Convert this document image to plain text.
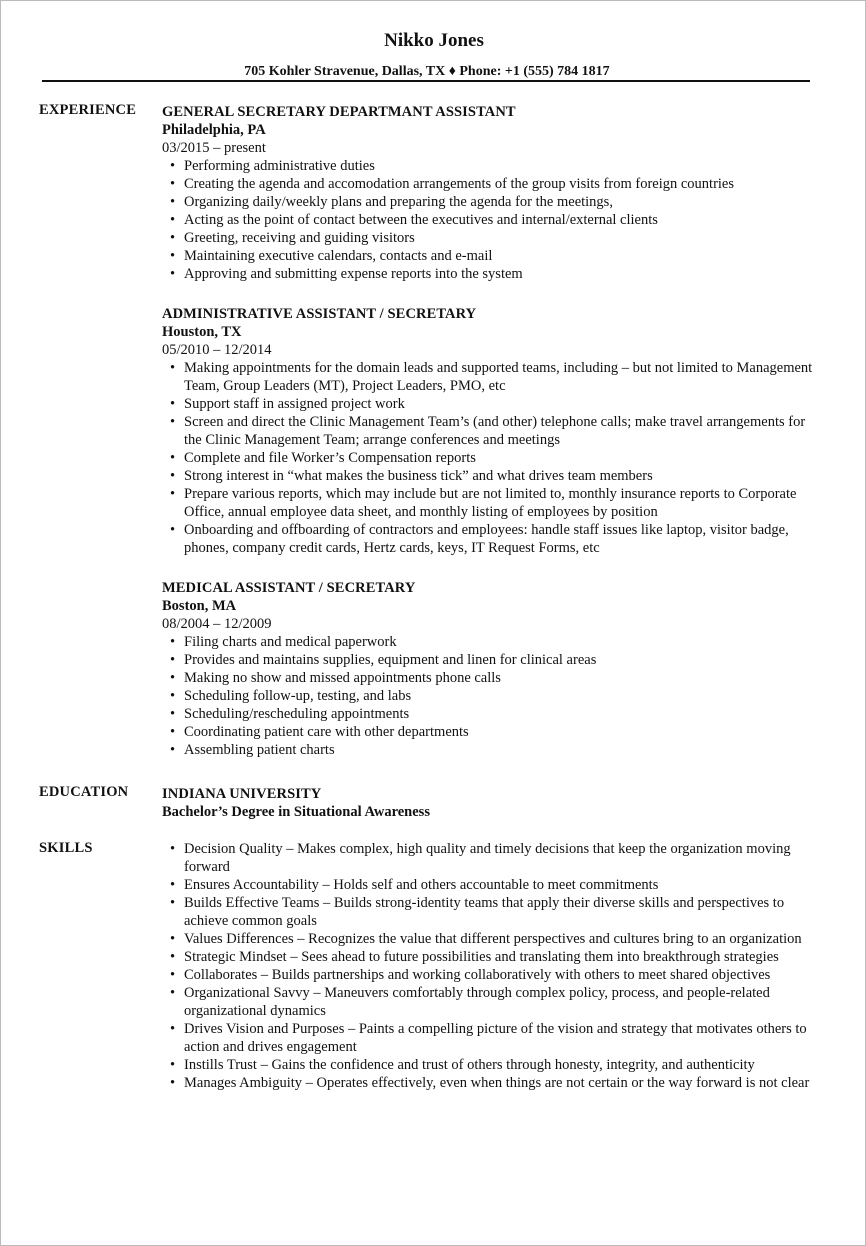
Nikko Jones
705 Kohler Stravenue, Dallas, TX ♦ Phone: +1 (555) 784 1817
EXPERIENCE GENERAL SECRETARY DEPARTMANT ASSISTANT
Philadelphia, PA
03/2015 – present
• Performing administrative duties
• Creating the agenda and accomodation arrangements of the group visits from foreign countries
• Organizing daily/weekly plans and preparing the agenda for the meetings,
• Acting as the point of contact between the executives and internal/external clients
• Greeting, receiving and guiding visitors
• Maintaining executive calendars, contacts and e-mail
• Approving and submitting expense reports into the system
ADMINISTRATIVE ASSISTANT / SECRETARY
Houston, TX
05/2010 – 12/2014
• Making appointments for the domain leads and supported teams, including – but not limited to Management Team, Group Leaders (MT), Project Leaders, PMO, etc
• Support staff in assigned project work
• Screen and direct the Clinic Management Team’s (and other) telephone calls; make travel arrangements for the Clinic Management Team; arrange conferences and meetings
• Complete and file Worker’s Compensation reports
• Strong interest in “what makes the business tick” and what drives team members
• Prepare various reports, which may include but are not limited to, monthly insurance reports to Corporate Office, annual employee data sheet, and monthly listing of employees by position
• Onboarding and offboarding of contractors and employees: handle staff issues like laptop, visitor badge, phones, company credit cards, Hertz cards, keys, IT Request Forms, etc
MEDICAL ASSISTANT / SECRETARY
Boston, MA
08/2004 – 12/2009
• Filing charts and medical paperwork
• Provides and maintains supplies, equipment and linen for clinical areas
• Making no show and missed appointments phone calls
• Scheduling follow-up, testing, and labs
• Scheduling/rescheduling appointments
• Coordinating patient care with other departments
• Assembling patient charts
EDUCATION INDIANA UNIVERSITY
Bachelor’s Degree in Situational Awareness
SKILLS	• Decision Quality – Makes complex, high quality and timely decisions that keep the organization moving forward
• Ensures Accountability – Holds self and others accountable to meet commitments
• Builds Effective Teams – Builds strong-identity teams that apply their diverse skills and perspectives to achieve common goals
• Values Differences – Recognizes the value that different perspectives and cultures bring to an organization
• Strategic Mindset – Sees ahead to future possibilities and translating them into breakthrough strategies
• Collaborates – Builds partnerships and working collaboratively with others to meet shared objectives
• Organizational Savvy – Maneuvers comfortably through complex policy, process, and people-related organizational dynamics
• Drives Vision and Purposes – Paints a compelling picture of the vision and strategy that motivates others to action and drives engagement
• Instills Trust – Gains the confidence and trust of others through honesty, integrity, and authenticity
• Manages Ambiguity – Operates effectively, even when things are not certain or the way forward is not clear
